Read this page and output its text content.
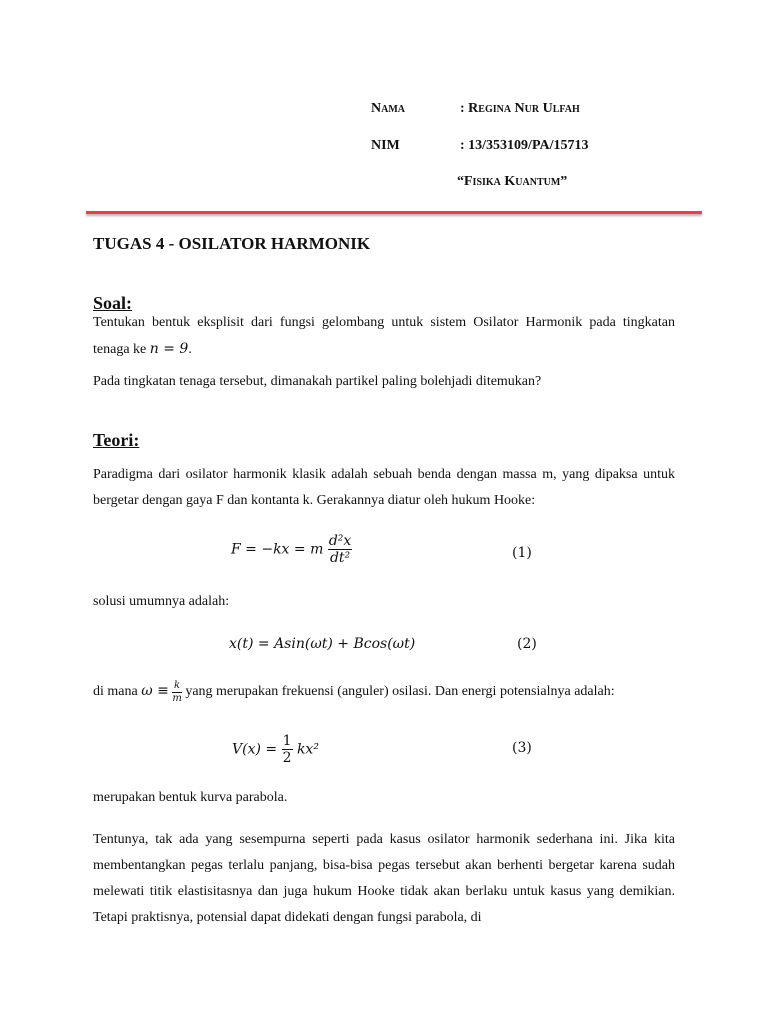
Nama	: Regina Nur Ulfah
NIM	: 13/353109/PA/15713
“Fisika Kuantum”
TUGAS 4 - OSILATOR HARMONIK
Soal:
Tentukan bentuk eksplisit dari fungsi gelombang untuk sistem Osilator Harmonik pada tingkatan tenaga ke n = 9.
Pada tingkatan tenaga tersebut, dimanakah partikel paling bolehjadi ditemukan?
Teori:
Paradigma dari osilator harmonik klasik adalah sebuah benda dengan massa m, yang dipaksa untuk bergetar dengan gaya F dan kontanta k. Gerakannya diatur oleh hukum Hooke:
F = −kx = m $\frac{\text{d²x}}{\text{dt²}}$	(1)
solusi umumnya adalah:
x(t) = Asin(ωt) + Bcos(ωt)	(2)
di mana $\omega \equiv \frac{k}{m}$ yang merupakan frekuensi (anguler) osilasi. Dan energi potensialnya adalah:
$V(x) = \frac{1}{2} kx^2$	(3)
merupakan bentuk kurva parabola.
Tentunya, tak ada yang sesempurna seperti pada kasus osilator harmonik sederhana ini. Jika kita membentangkan pegas terlalu panjang, bisa-bisa pegas tersebut akan berhenti bergetar karena sudah melewati titik elastisitasnya dan juga hukum Hooke tidak akan berlaku untuk kasus yang demikian. Tetapi praktisnya, potensial dapat didekati dengan fungsi parabola, di
